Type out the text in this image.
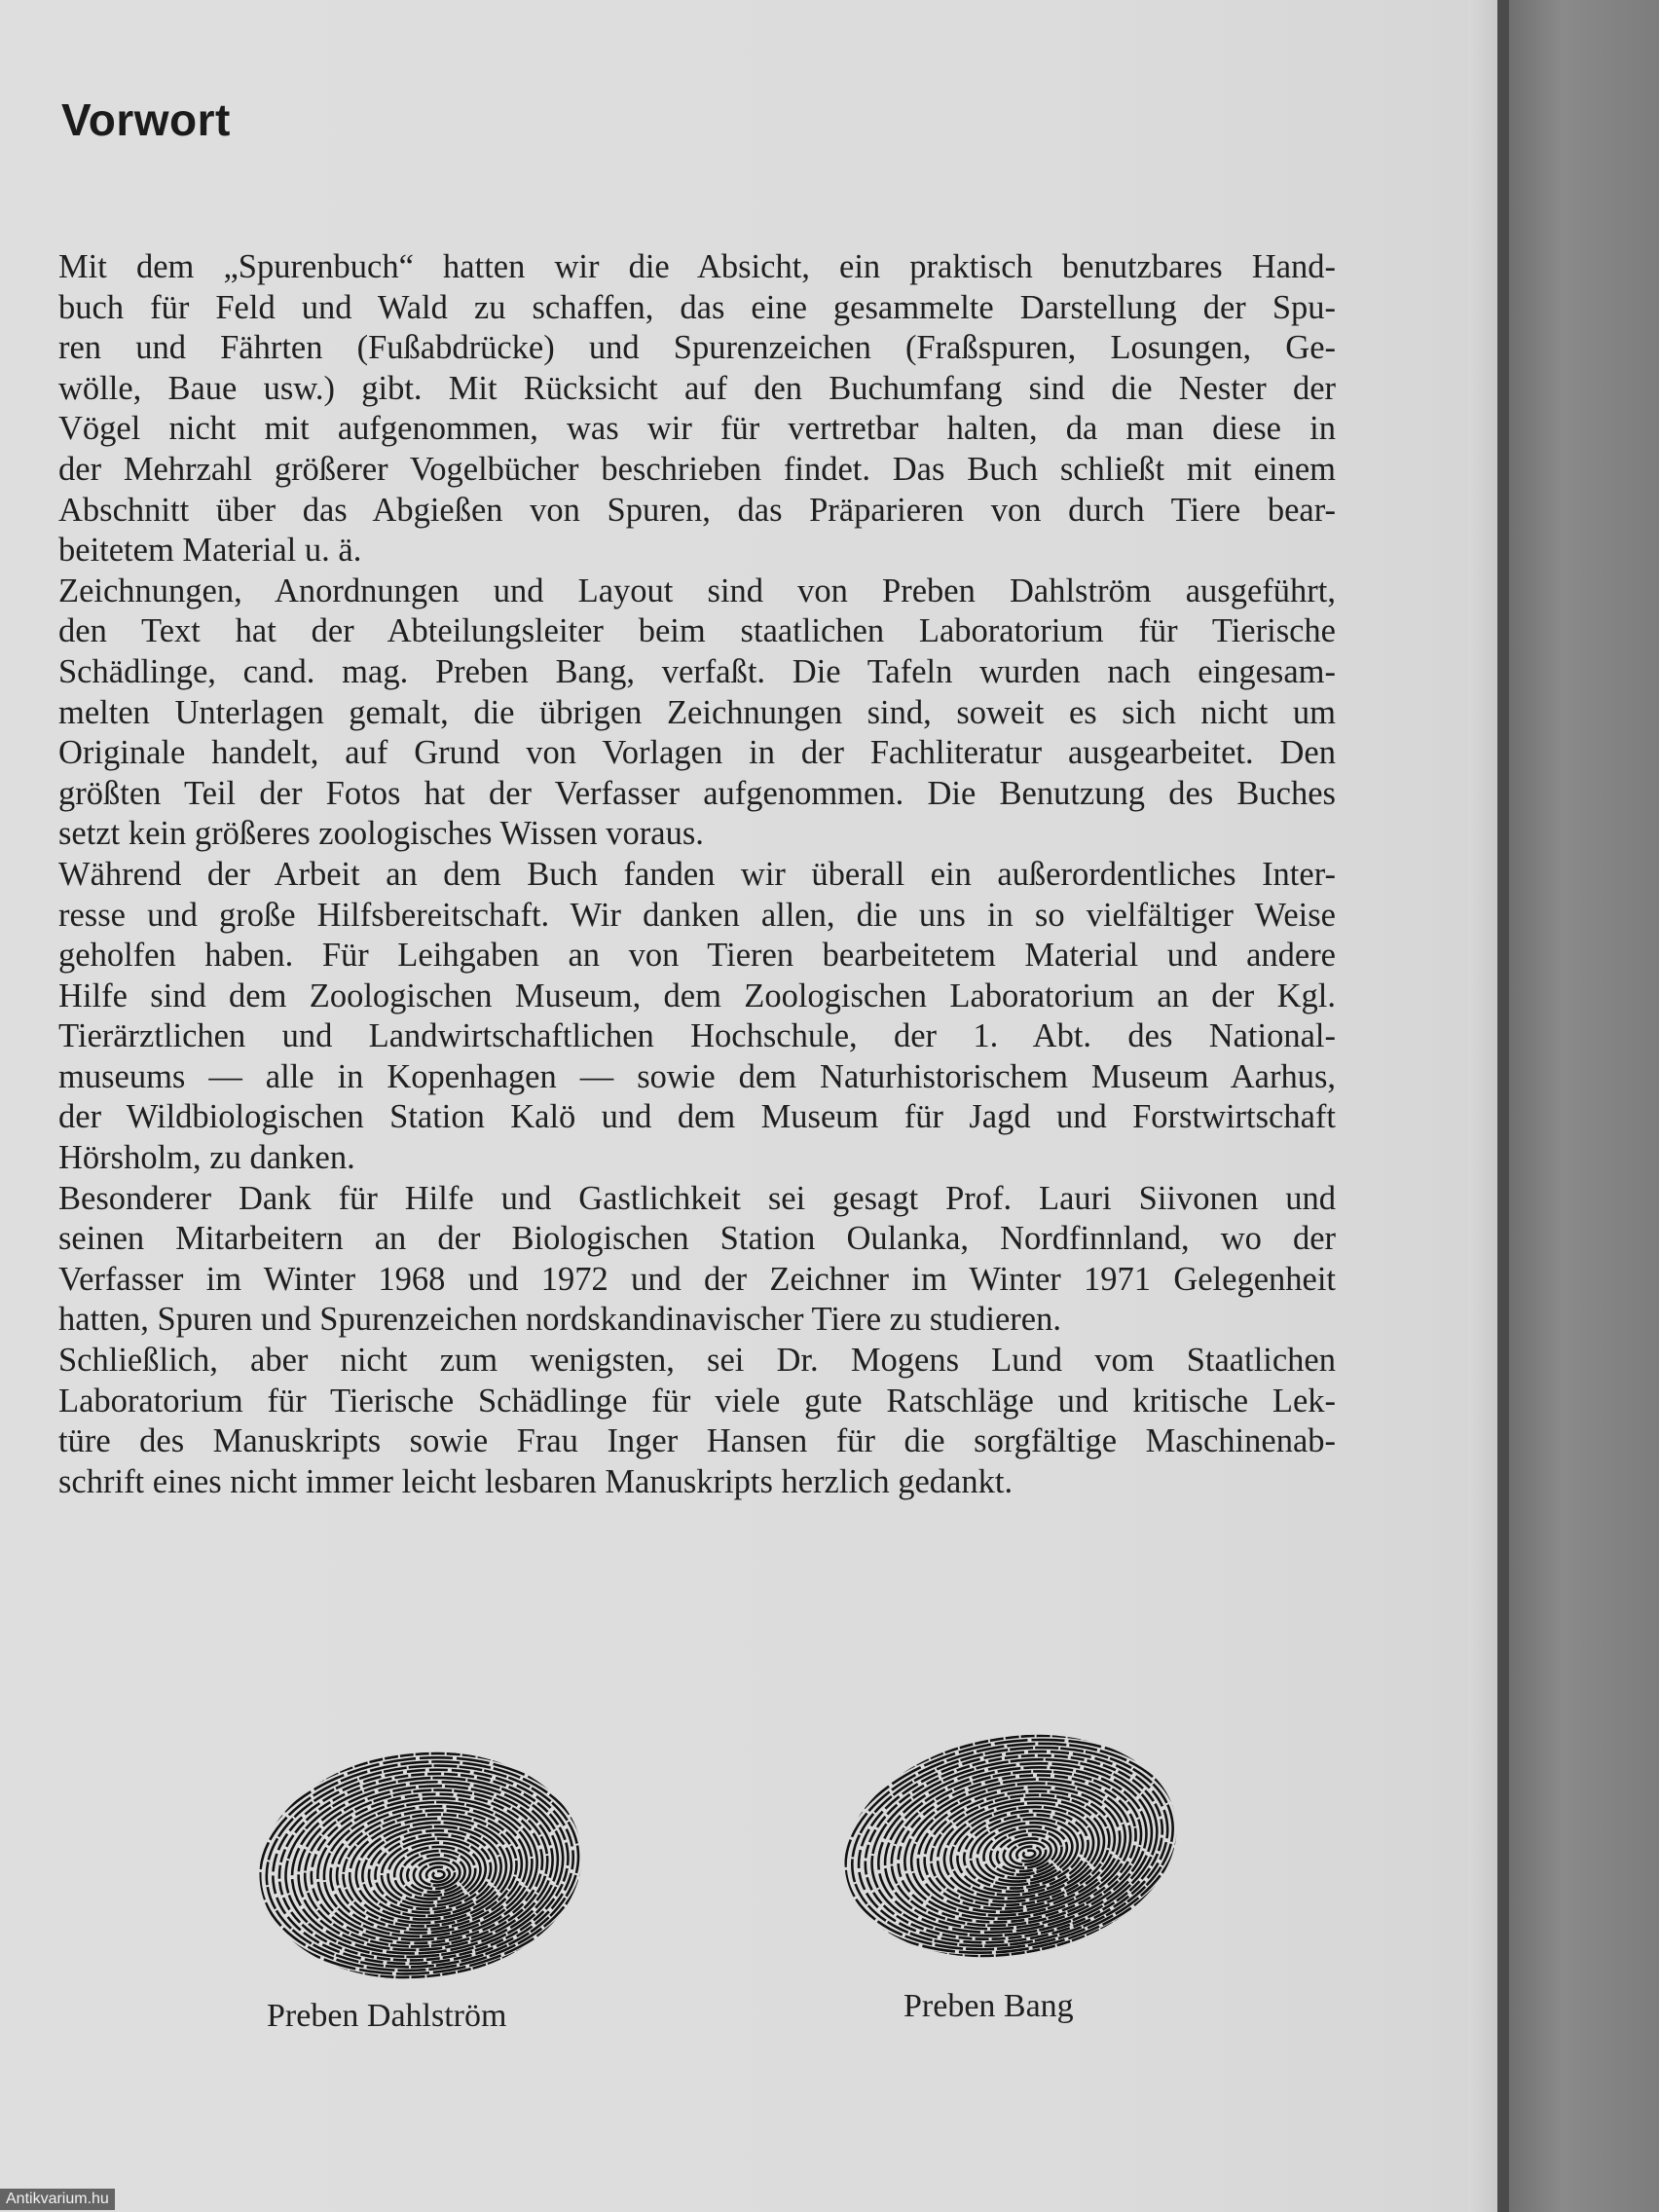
Vorwort
Mit dem „Spurenbuch“ hatten wir die Absicht, ein praktisch benutzbares Hand-
buch für Feld und Wald zu schaffen, das eine gesammelte Darstellung der Spu-
ren und Fährten (Fußabdrücke) und Spurenzeichen (Fraßspuren, Losungen, Ge-
wölle, Baue usw.) gibt. Mit Rücksicht auf den Buchumfang sind die Nester der
Vögel nicht mit aufgenommen, was wir für vertretbar halten, da man diese in
der Mehrzahl größerer Vogelbücher beschrieben findet. Das Buch schließt mit einem
Abschnitt über das Abgießen von Spuren, das Präparieren von durch Tiere bear-
beitetem Material u. ä.
Zeichnungen, Anordnungen und Layout sind von Preben Dahlström ausgeführt,
den Text hat der Abteilungsleiter beim staatlichen Laboratorium für Tierische
Schädlinge, cand. mag. Preben Bang, verfaßt. Die Tafeln wurden nach eingesam-
melten Unterlagen gemalt, die übrigen Zeichnungen sind, soweit es sich nicht um
Originale handelt, auf Grund von Vorlagen in der Fachliteratur ausgearbeitet. Den
größten Teil der Fotos hat der Verfasser aufgenommen. Die Benutzung des Buches
setzt kein größeres zoologisches Wissen voraus.
Während der Arbeit an dem Buch fanden wir überall ein außerordentliches Inter-
resse und große Hilfsbereitschaft. Wir danken allen, die uns in so vielfältiger Weise
geholfen haben. Für Leihgaben an von Tieren bearbeitetem Material und andere
Hilfe sind dem Zoologischen Museum, dem Zoologischen Laboratorium an der Kgl.
Tierärztlichen und Landwirtschaftlichen Hochschule, der 1. Abt. des National-
museums — alle in Kopenhagen — sowie dem Naturhistorischem Museum Aarhus,
der Wildbiologischen Station Kalö und dem Museum für Jagd und Forstwirtschaft
Hörsholm, zu danken.
Besonderer Dank für Hilfe und Gastlichkeit sei gesagt Prof. Lauri Siivonen und
seinen Mitarbeitern an der Biologischen Station Oulanka, Nordfinnland, wo der
Verfasser im Winter 1968 und 1972 und der Zeichner im Winter 1971 Gelegenheit
hatten, Spuren und Spurenzeichen nordskandinavischer Tiere zu studieren.
Schließlich, aber nicht zum wenigsten, sei Dr. Mogens Lund vom Staatlichen
Laboratorium für Tierische Schädlinge für viele gute Ratschläge und kritische Lek-
türe des Manuskripts sowie Frau Inger Hansen für die sorgfältige Maschinenab-
schrift eines nicht immer leicht lesbaren Manuskripts herzlich gedankt.
Preben Dahlström	Preben Bang
Antikvarium.hu
